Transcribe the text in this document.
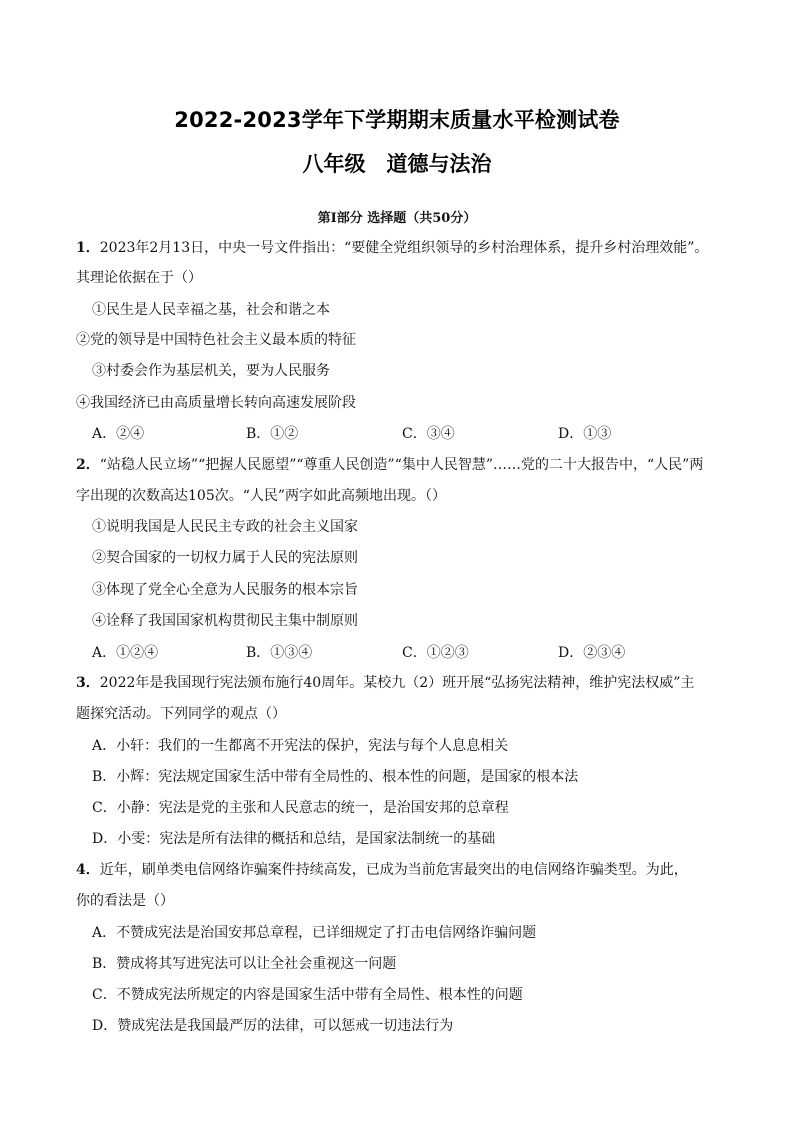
2022-2023学年下学期期末质量水平检测试卷
八年级　道德与法治
第Ⅰ部分 选择题（共50分）
1．2023年2月13日，中央一号文件指出：“要健全党组织领导的乡村治理体系，提升乡村治理效能”。
其理论依据在于（）
①民生是人民幸福之基，社会和谐之本
②党的领导是中国特色社会主义最本质的特征
③村委会作为基层机关，要为人民服务
④我国经济已由高质量增长转向高速发展阶段
A．②④	B．①②	C．③④	D．①③
2．“站稳人民立场”“把握人民愿望”“尊重人民创造”“集中人民智慧”……党的二十大报告中，“人民”两
字出现的次数高达105次。“人民”两字如此高频地出现。（）
①说明我国是人民民主专政的社会主义国家
②契合国家的一切权力属于人民的宪法原则
③体现了党全心全意为人民服务的根本宗旨
④诠释了我国国家机构贯彻民主集中制原则
A．①②④	B．①③④	C．①②③	D．②③④
3．2022年是我国现行宪法颁布施行40周年。某校九（2）班开展“弘扬宪法精神，维护宪法权威”主
题探究活动。下列同学的观点（）
A．小轩：我们的一生都离不开宪法的保护，宪法与每个人息息相关
B．小辉：宪法规定国家生活中带有全局性的、根本性的问题，是国家的根本法
C．小静：宪法是党的主张和人民意志的统一，是治国安邦的总章程
D．小雯：宪法是所有法律的概括和总结，是国家法制统一的基础
4．近年，刷单类电信网络诈骗案件持续高发，已成为当前危害最突出的电信网络诈骗类型。为此，
你的看法是（）
A．不赞成宪法是治国安邦总章程，已详细规定了打击电信网络诈骗问题
B．赞成将其写进宪法可以让全社会重视这一问题
C．不赞成宪法所规定的内容是国家生活中带有全局性、根本性的问题
D．赞成宪法是我国最严厉的法律，可以惩戒一切违法行为
